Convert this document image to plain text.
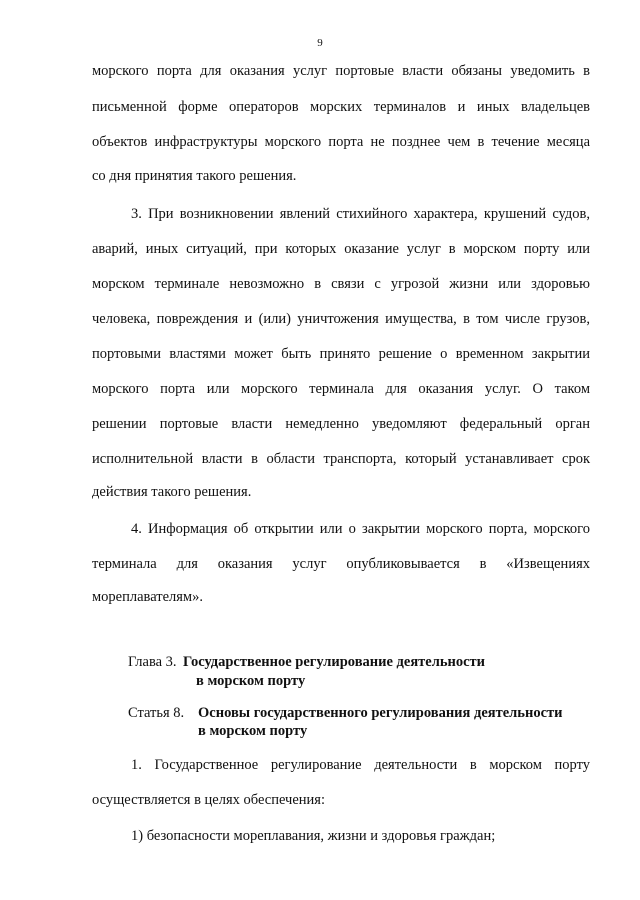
9
морского порта для оказания услуг портовые власти обязаны уведомить в
письменной форме операторов морских терминалов и иных владельцев
объектов инфраструктуры морского порта не позднее чем в течение месяца
со дня принятия такого решения.
3. При возникновении явлений стихийного характера, крушений судов,
аварий, иных ситуаций, при которых оказание услуг в морском порту или
морском терминале невозможно в связи с угрозой жизни или здоровью
человека, повреждения и (или) уничтожения имущества, в том числе грузов,
портовыми властями может быть принято решение о временном закрытии
морского порта или морского терминала для оказания услуг. О таком
решении портовые власти немедленно уведомляют федеральный орган
исполнительной власти в области транспорта, который устанавливает срок
действия такого решения.
4. Информация об открытии или о закрытии морского порта, морского
терминала для оказания услуг опубликовывается в «Извещениях
мореплавателям».
Глава 3. Государственное регулирование деятельности
в морском порту
Статья 8. Основы государственного регулирования деятельности
в морском порту
1. Государственное регулирование деятельности в морском порту
осуществляется в целях обеспечения:
1) безопасности мореплавания, жизни и здоровья граждан;
